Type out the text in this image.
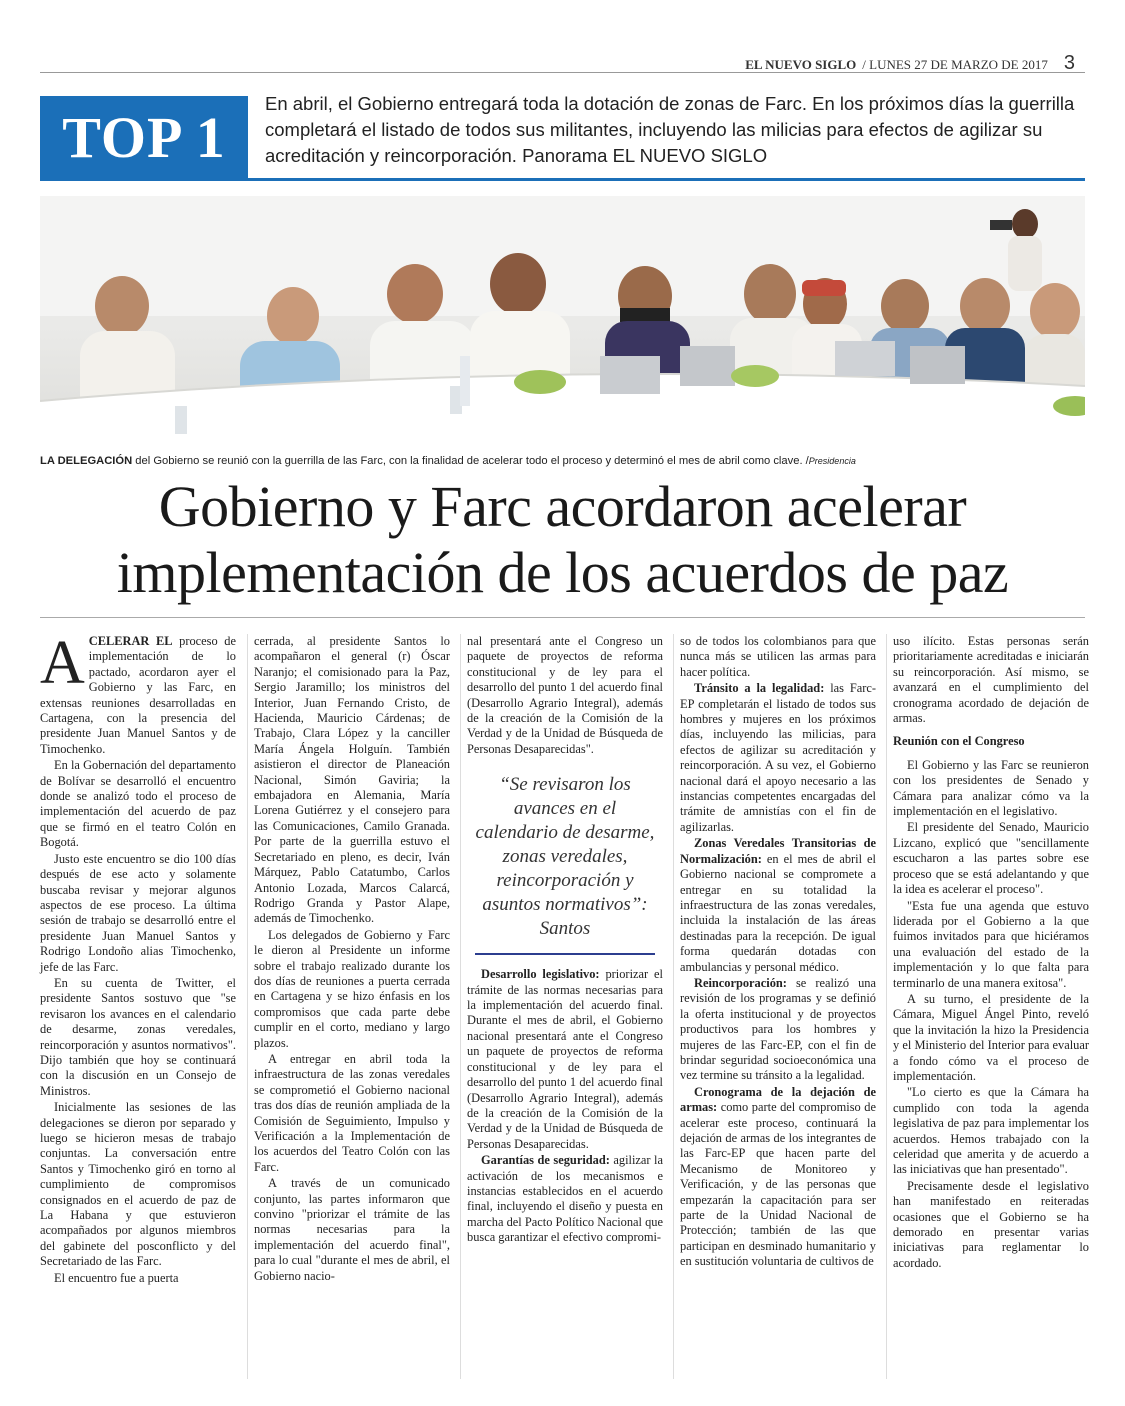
EL NUEVO SIGLO / LUNES 27 DE MARZO DE 2017 3
TOP 1
En abril, el Gobierno entregará toda la dotación de zonas de Farc. En los próximos días la guerrilla completará el listado de todos sus militantes, incluyendo las milicias para efectos de agilizar su acreditación y reincorporación. Panorama EL NUEVO SIGLO
LA DELEGACIÓN del Gobierno se reunió con la guerrilla de las Farc, con la finalidad de acelerar todo el proceso y determinó el mes de abril como clave. /Presidencia
Gobierno y Farc acordaron acelerar implementación de los acuerdos de paz

ACELERAR EL proceso de implementación de lo pactado, acordaron ayer el Gobierno y las Farc, en extensas reuniones desarrolladas en Cartagena, con la presencia del presidente Juan Manuel Santos y de Timochenko.

En la Gobernación del departamento de Bolívar se desarrolló el encuentro donde se analizó todo el proceso de implementación del acuerdo de paz que se firmó en el teatro Colón en Bogotá.

Justo este encuentro se dio 100 días después de ese acto y solamente buscaba revisar y mejorar algunos aspectos de ese proceso. La última sesión de trabajo se desarrolló entre el presidente Juan Manuel Santos y Rodrigo Londoño alias Timochenko, jefe de las Farc.

En su cuenta de Twitter, el presidente Santos sostuvo que "se revisaron los avances en el calendario de desarme, zonas veredales, reincorporación y asuntos normativos". Dijo también que hoy se continuará con la discusión en un Consejo de Ministros.

Inicialmente las sesiones de las delegaciones se dieron por separado y luego se hicieron mesas de trabajo conjuntas. La conversación entre Santos y Timochenko giró en torno al cumplimiento de compromisos consignados en el acuerdo de paz de La Habana y que estuvieron acompañados por algunos miembros del gabinete del posconflicto y del Secretariado de las Farc.

El encuentro fue a puerta

cerrada, al presidente Santos lo acompañaron el general (r) Óscar Naranjo; el comisionado para la Paz, Sergio Jaramillo; los ministros del Interior, Juan Fernando Cristo, de Hacienda, Mauricio Cárdenas; de Trabajo, Clara López y la canciller María Ángela Holguín. También asistieron el director de Planeación Nacional, Simón Gaviria; la embajadora en Alemania, María Lorena Gutiérrez y el consejero para las Comunicaciones, Camilo Granada. Por parte de la guerrilla estuvo el Secretariado en pleno, es decir, Iván Márquez, Pablo Catatumbo, Carlos Antonio Lozada, Marcos Calarcá, Rodrigo Granda y Pastor Alape, además de Timochenko.

Los delegados de Gobierno y Farc le dieron al Presidente un informe sobre el trabajo realizado durante los dos días de reuniones a puerta cerrada en Cartagena y se hizo énfasis en los compromisos que cada parte debe cumplir en el corto, mediano y largo plazos.

A entregar en abril toda la infraestructura de las zonas veredales se comprometió el Gobierno nacional tras dos días de reunión ampliada de la Comisión de Seguimiento, Impulso y Verificación a la Implementación de los acuerdos del Teatro Colón con las Farc.

A través de un comunicado conjunto, las partes informaron que convino "priorizar el trámite de las normas necesarias para la implementación del acuerdo final", para lo cual "durante el mes de abril, el Gobierno nacio-

nal presentará ante el Congreso un paquete de proyectos de reforma constitucional y de ley para el desarrollo del punto 1 del acuerdo final (Desarrollo Agrario Integral), además de la creación de la Comisión de la Verdad y de la Unidad de Búsqueda de Personas Desaparecidas".

“Se revisaron los avances en el calendario de desarme, zonas veredales, reincorporación y asuntos normativos”: Santos

Desarrollo legislativo: priorizar el trámite de las normas necesarias para la implementación del acuerdo final. Durante el mes de abril, el Gobierno nacional presentará ante el Congreso un paquete de proyectos de reforma constitucional y de ley para el desarrollo del punto 1 del acuerdo final (Desarrollo Agrario Integral), además de la creación de la Comisión de la Verdad y de la Unidad de Búsqueda de Personas Desaparecidas.

Garantías de seguridad: agilizar la activación de los mecanismos e instancias establecidos en el acuerdo final, incluyendo el diseño y puesta en marcha del Pacto Político Nacional que busca garantizar el efectivo compromi-

so de todos los colombianos para que nunca más se utilicen las armas para hacer política.

Tránsito a la legalidad: las Farc-EP completarán el listado de todos sus hombres y mujeres en los próximos días, incluyendo las milicias, para efectos de agilizar su acreditación y reincorporación. A su vez, el Gobierno nacional dará el apoyo necesario a las instancias competentes encargadas del trámite de amnistías con el fin de agilizarlas.

Zonas Veredales Transitorias de Normalización: en el mes de abril el Gobierno nacional se compromete a entregar en su totalidad la infraestructura de las zonas veredales, incluida la instalación de las áreas destinadas para la recepción. De igual forma quedarán dotadas con ambulancias y personal médico.

Reincorporación: se realizó una revisión de los programas y se definió la oferta institucional y de proyectos productivos para los hombres y mujeres de las Farc-EP, con el fin de brindar seguridad socioeconómica una vez termine su tránsito a la legalidad.

Cronograma de la dejación de armas: como parte del compromiso de acelerar este proceso, continuará la dejación de armas de los integrantes de las Farc-EP que hacen parte del Mecanismo de Monitoreo y Verificación, y de las personas que empezarán la capacitación para ser parte de la Unidad Nacional de Protección; también de las que participan en desminado humanitario y en sustitución voluntaria de cultivos de

uso ilícito. Estas personas serán prioritariamente acreditadas e iniciarán su reincorporación. Así mismo, se avanzará en el cumplimiento del cronograma acordado de dejación de armas.

Reunión con el Congreso

El Gobierno y las Farc se reunieron con los presidentes de Senado y Cámara para analizar cómo va la implementación en el legislativo.

El presidente del Senado, Mauricio Lizcano, explicó que "sencillamente escucharon a las partes sobre ese proceso que se está adelantando y que la idea es acelerar el proceso".

"Esta fue una agenda que estuvo liderada por el Gobierno a la que fuimos invitados para que hiciéramos una evaluación del estado de la implementación y lo que falta para terminarlo de una manera exitosa".

A su turno, el presidente de la Cámara, Miguel Ángel Pinto, reveló que la invitación la hizo la Presidencia y el Ministerio del Interior para evaluar a fondo cómo va el proceso de implementación.

"Lo cierto es que la Cámara ha cumplido con toda la agenda legislativa de paz para implementar los acuerdos. Hemos trabajado con la celeridad que amerita y de acuerdo a las iniciativas que han presentado".

Precisamente desde el legislativo han manifestado en reiteradas ocasiones que el Gobierno se ha demorado en presentar varias iniciativas para reglamentar lo acordado.
